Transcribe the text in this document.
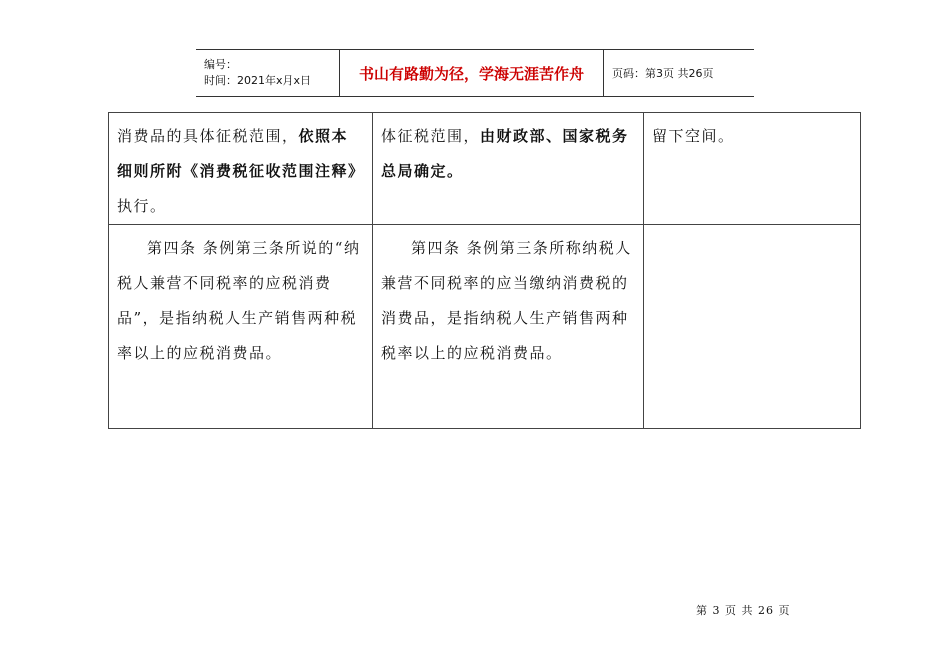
编号：
时间：2021年x月x日	书山有路勤为径，学海无涯苦作舟	页码：第3页 共26页
消费品的具体征税范围，依照本细则所附《消费税征收范围注释》执行。	体征税范围，由财政部、国家税务总局确定。	留下空间。
第四条 条例第三条所说的“纳税人兼营不同税率的应税消费品”，是指纳税人生产销售两种税率以上的应税消费品。	第四条 条例第三条所称纳税人兼营不同税率的应当缴纳消费税的消费品，是指纳税人生产销售两种税率以上的应税消费品。	
第 3 页 共 26 页
